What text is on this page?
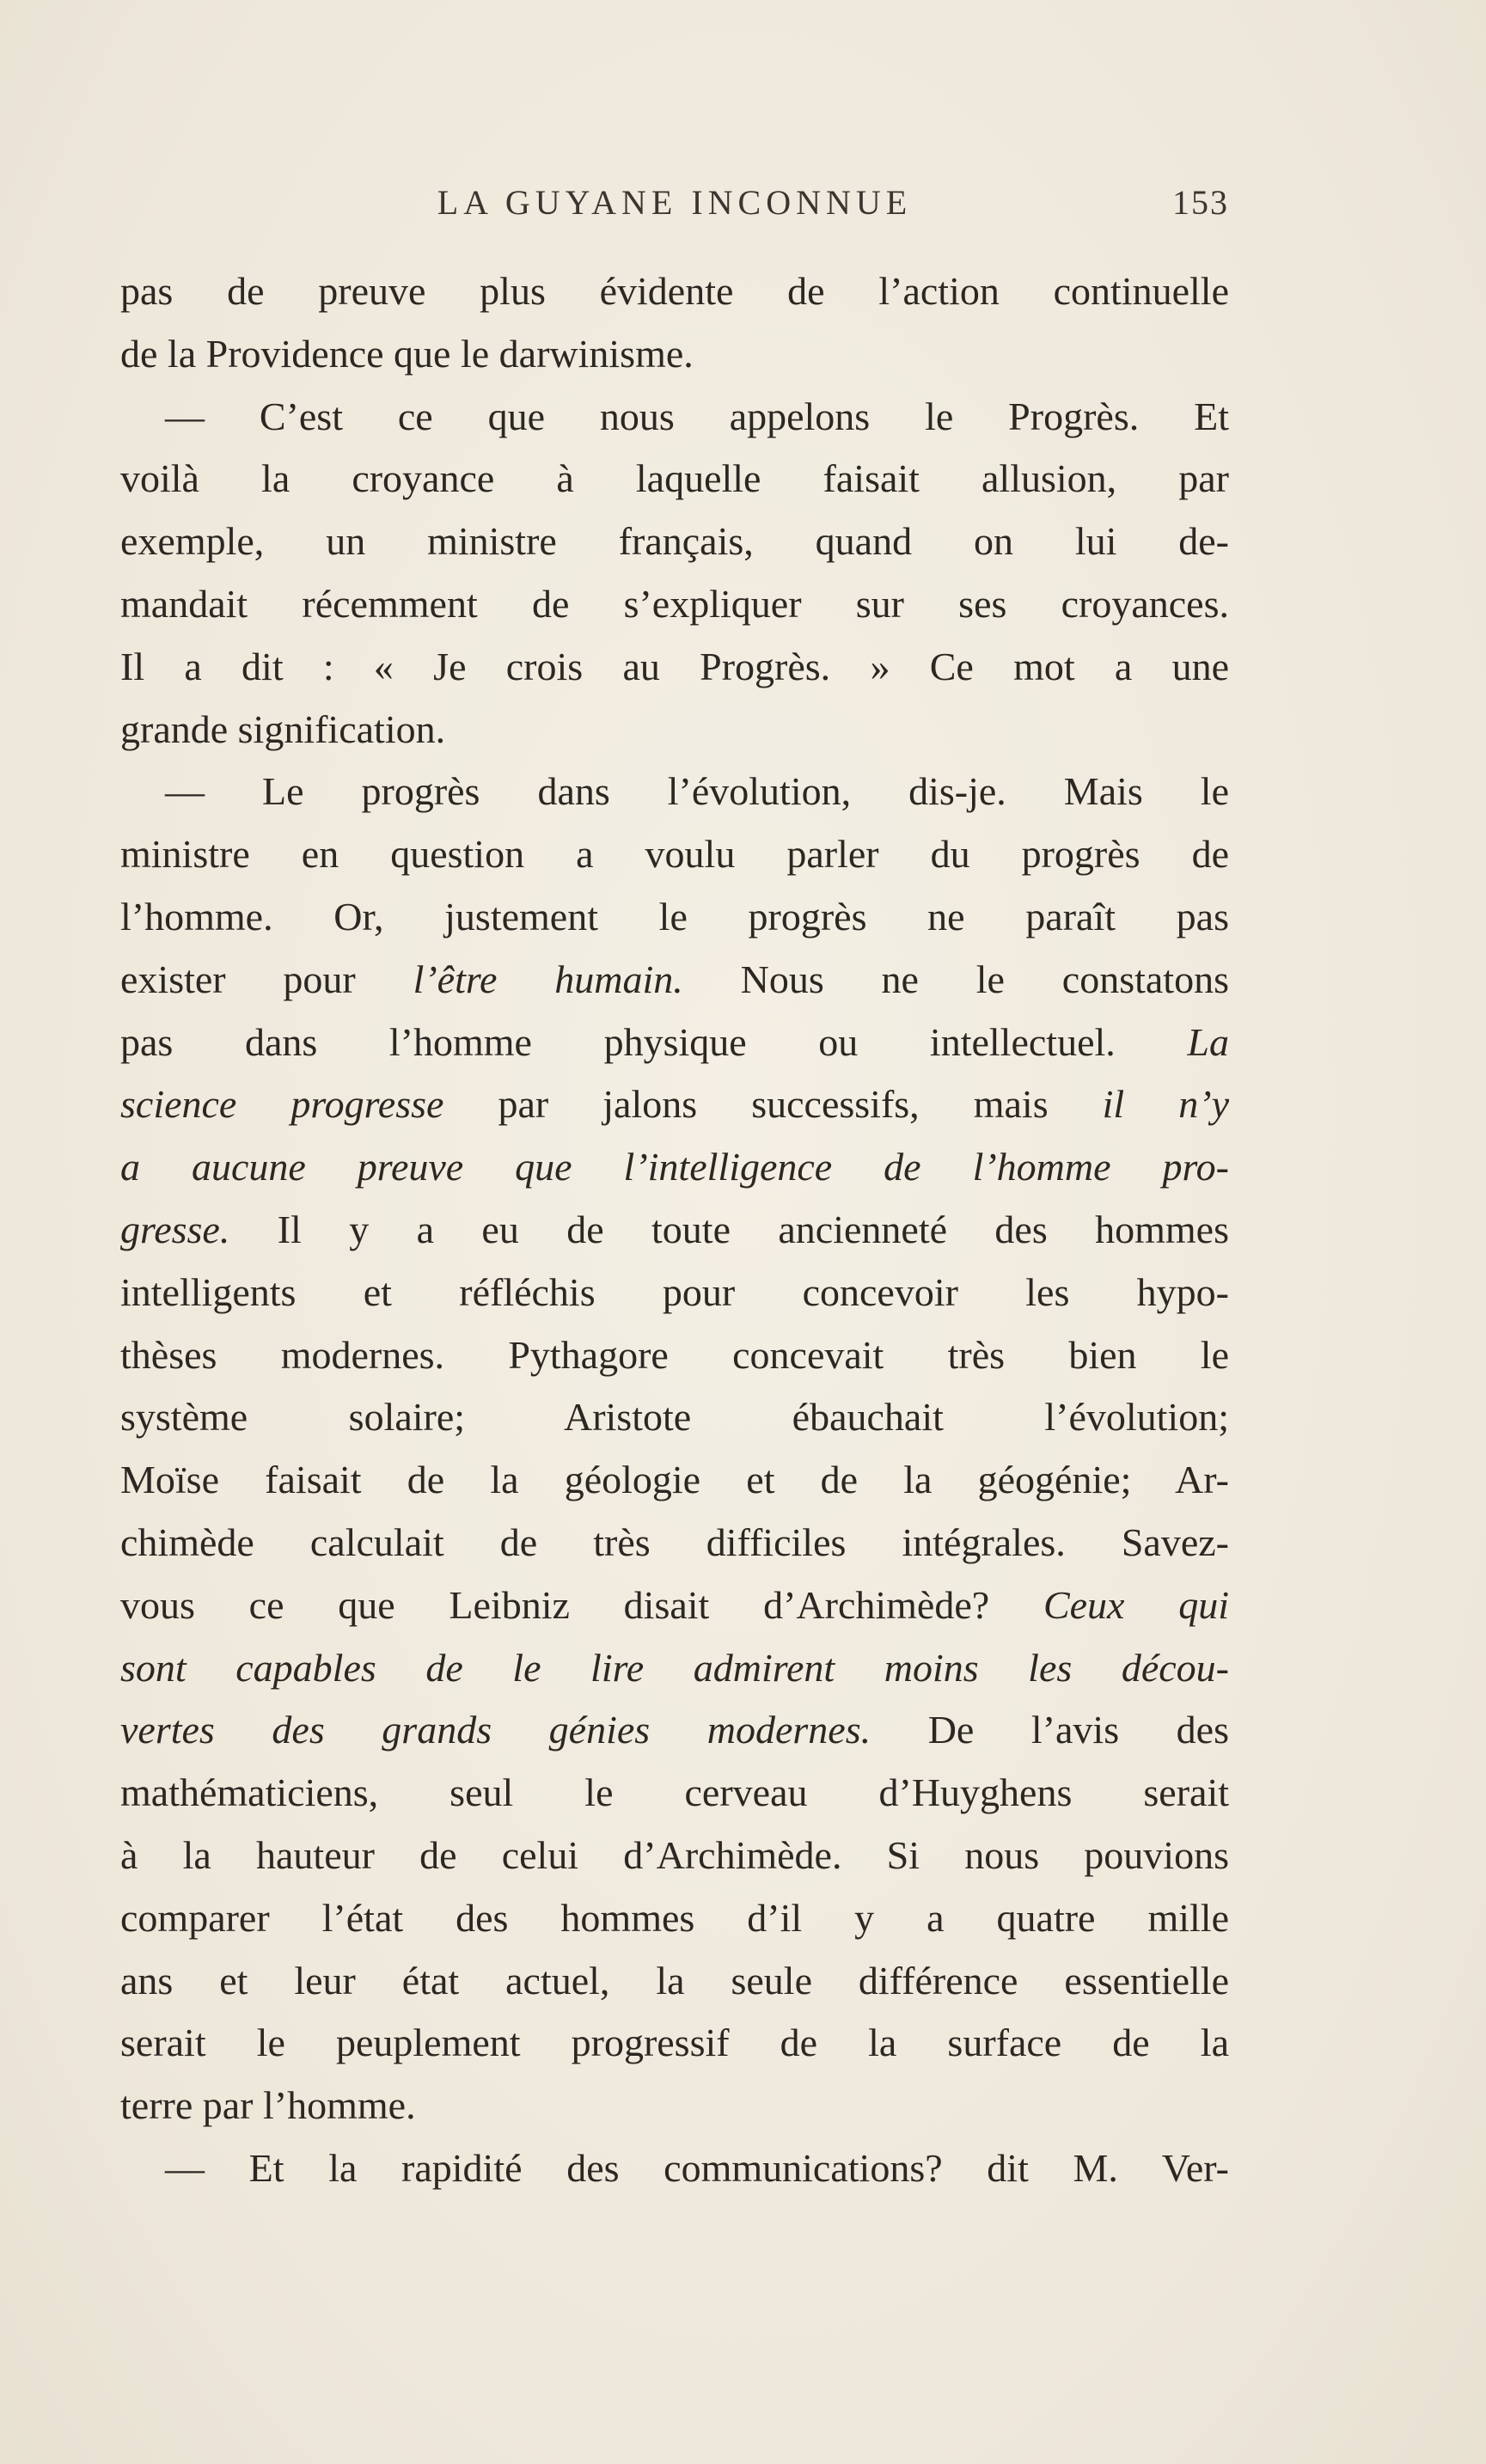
LA GUYANE INCONNUE	153
pas de preuve plus évidente de l’action continuelle
de la Providence que le darwinisme.
— C’est ce que nous appelons le Progrès. Et
voilà la croyance à laquelle faisait allusion, par
exemple, un ministre français, quand on lui de-
mandait récemment de s’expliquer sur ses croyances.
Il a dit : « Je crois au Progrès. » Ce mot a une
grande signification.
— Le progrès dans l’évolution, dis-je. Mais le
ministre en question a voulu parler du progrès de
l’homme. Or, justement le progrès ne paraît pas
exister pour l’être humain. Nous ne le constatons
pas dans l’homme physique ou intellectuel. La
science progresse par jalons successifs, mais il n’y
a aucune preuve que l’intelligence de l’homme pro-
gresse. Il y a eu de toute ancienneté des hommes
intelligents et réfléchis pour concevoir les hypo-
thèses modernes. Pythagore concevait très bien le
système solaire; Aristote ébauchait l’évolution;
Moïse faisait de la géologie et de la géogénie; Ar-
chimède calculait de très difficiles intégrales. Savez-
vous ce que Leibniz disait d’Archimède? Ceux qui
sont capables de le lire admirent moins les décou-
vertes des grands génies modernes. De l’avis des
mathématiciens, seul le cerveau d’Huyghens serait
à la hauteur de celui d’Archimède. Si nous pouvions
comparer l’état des hommes d’il y a quatre mille
ans et leur état actuel, la seule différence essentielle
serait le peuplement progressif de la surface de la
terre par l’homme.
— Et la rapidité des communications? dit M. Ver-
